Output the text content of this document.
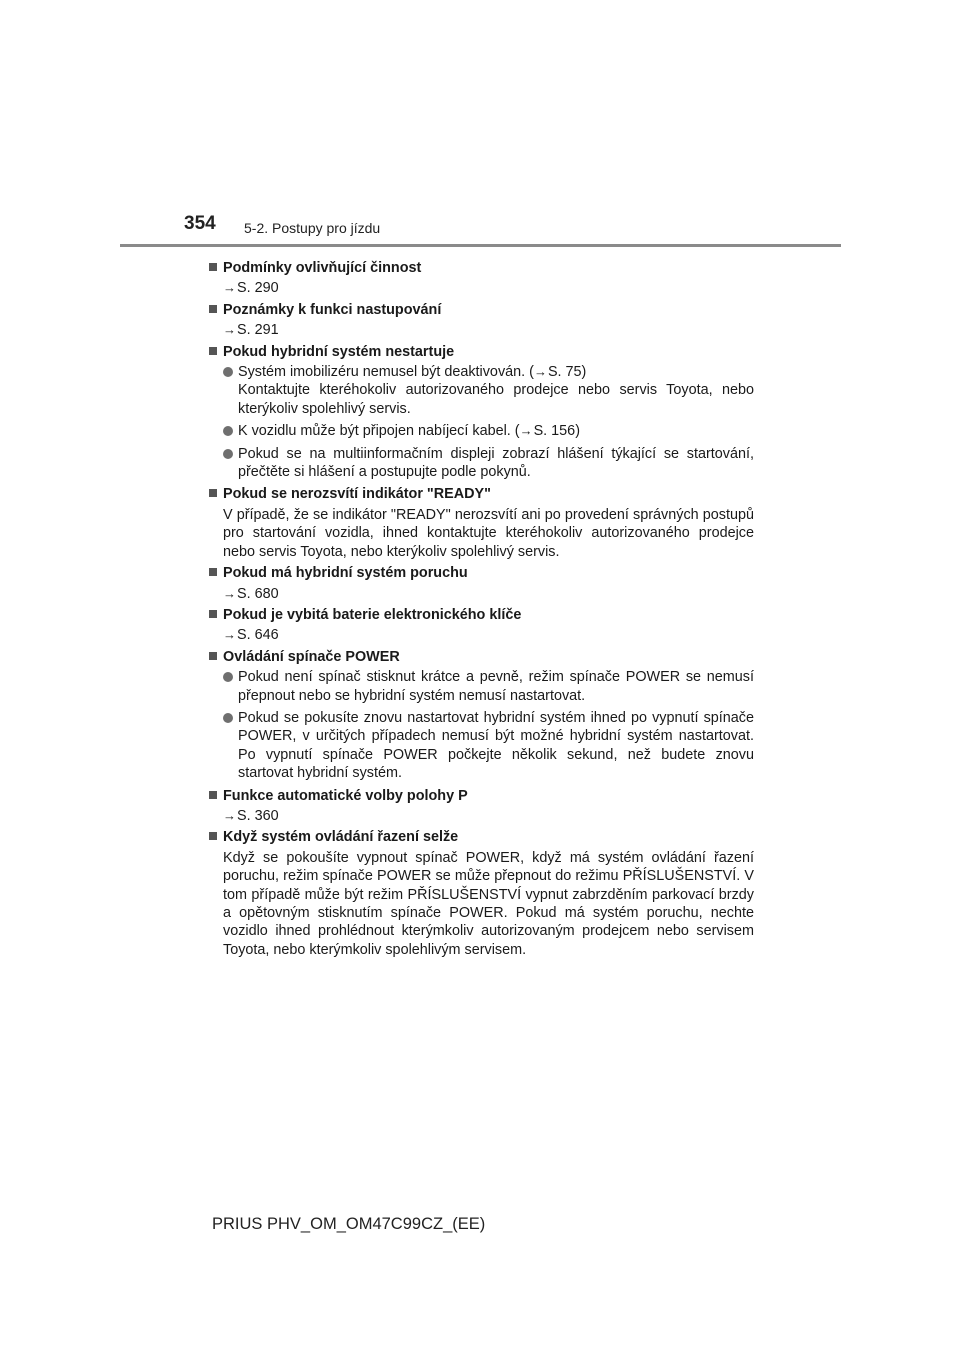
354 5-2. Postupy pro jízdu
Podmínky ovlivňující činnost
→S. 290
Poznámky k funkci nastupování
→S. 291
Pokud hybridní systém nestartuje
Systém imobilizéru nemusel být deaktivován. (→S. 75)
Kontaktujte kteréhokoliv autorizovaného prodejce nebo servis Toyota, nebo kterýkoliv spolehlivý servis.
K vozidlu může být připojen nabíjecí kabel. (→S. 156)
Pokud se na multiinformačním displeji zobrazí hlášení týkající se startování, přečtěte si hlášení a postupujte podle pokynů.
Pokud se nerozsvítí indikátor "READY"
V případě, že se indikátor "READY" nerozsvítí ani po provedení správných postupů pro startování vozidla, ihned kontaktujte kteréhokoliv autorizovaného prodejce nebo servis Toyota, nebo kterýkoliv spolehlivý servis.
Pokud má hybridní systém poruchu
→S. 680
Pokud je vybitá baterie elektronického klíče
→S. 646
Ovládání spínače POWER
Pokud není spínač stisknut krátce a pevně, režim spínače POWER se nemusí přepnout nebo se hybridní systém nemusí nastartovat.
Pokud se pokusíte znovu nastartovat hybridní systém ihned po vypnutí spínače POWER, v určitých případech nemusí být možné hybridní systém nastartovat. Po vypnutí spínače POWER počkejte několik sekund, než budete znovu startovat hybridní systém.
Funkce automatické volby polohy P
→S. 360
Když systém ovládání řazení selže
Když se pokoušíte vypnout spínač POWER, když má systém ovládání řazení poruchu, režim spínače POWER se může přepnout do režimu PŘÍSLUŠENSTVÍ. V tom případě může být režim PŘÍSLUŠENSTVÍ vypnut zabrzděním parkovací brzdy a opětovným stisknutím spínače POWER. Pokud má systém poruchu, nechte vozidlo ihned prohlédnout kterýmkoliv autorizovaným prodejcem nebo servisem Toyota, nebo kterýmkoliv spolehlivým servisem.
PRIUS PHV_OM_OM47C99CZ_(EE)
